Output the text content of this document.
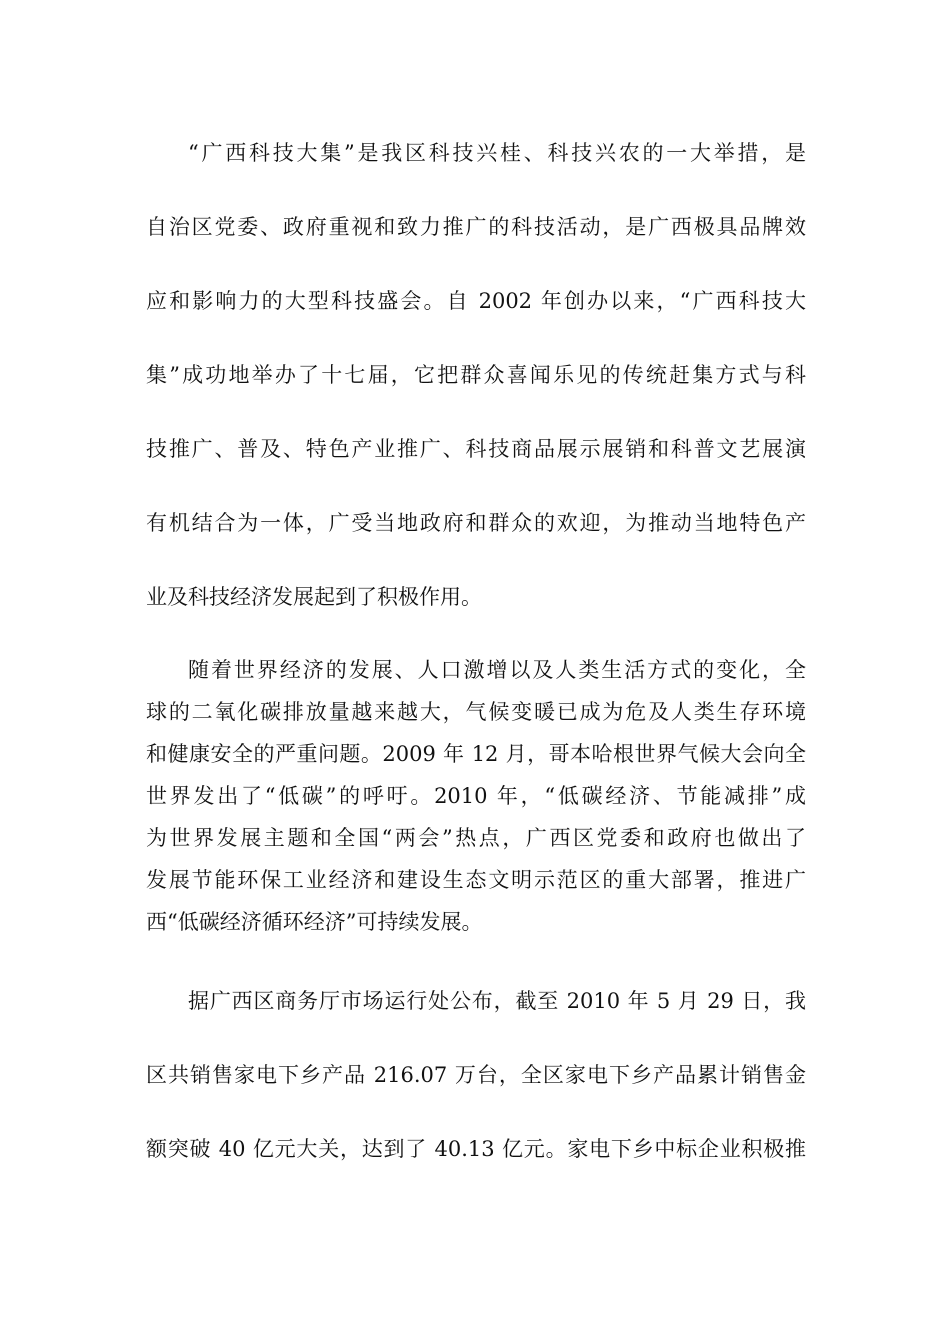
“广西科技大集”是我区科技兴桂、科技兴农的一大举措，是
自治区党委、政府重视和致力推广的科技活动，是广西极具品牌效
应和影响力的大型科技盛会。自 2002 年创办以来，“广西科技大
集”成功地举办了十七届，它把群众喜闻乐见的传统赶集方式与科
技推广、普及、特色产业推广、科技商品展示展销和科普文艺展演
有机结合为一体，广受当地政府和群众的欢迎，为推动当地特色产
业及科技经济发展起到了积极作用。
随着世界经济的发展、人口激增以及人类生活方式的变化，全
球的二氧化碳排放量越来越大，气候变暖已成为危及人类生存环境
和健康安全的严重问题。2009 年 12 月，哥本哈根世界气候大会向全
世界发出了“低碳”的呼吁。2010 年，“低碳经济、节能减排”成
为世界发展主题和全国“两会”热点，广西区党委和政府也做出了
发展节能环保工业经济和建设生态文明示范区的重大部署，推进广
西“低碳经济循环经济”可持续发展。
据广西区商务厅市场运行处公布，截至 2010 年 5 月 29 日，我
区共销售家电下乡产品 216.07 万台，全区家电下乡产品累计销售金
额突破 40 亿元大关，达到了 40.13 亿元。家电下乡中标企业积极推
